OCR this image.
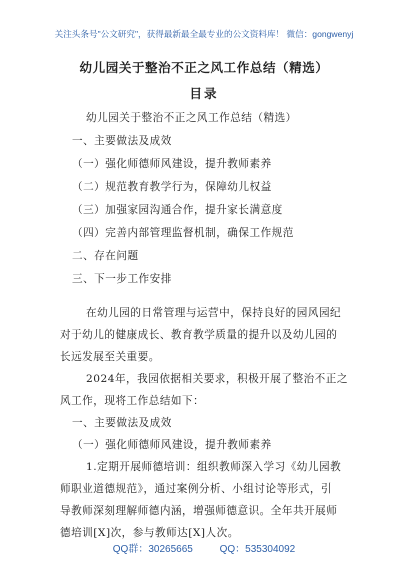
关注头条号"公文研究"，获得最新最全最专业的公文资料库！ 微信：gongwenyj
幼儿园关于整治不正之风工作总结（精选）
目录
幼儿园关于整治不正之风工作总结（精选）
一、主要做法及成效
（一）强化师德师风建设，提升教师素养
（二）规范教育教学行为，保障幼儿权益
（三）加强家园沟通合作，提升家长满意度
（四）完善内部管理监督机制，确保工作规范
二、存在问题
三、下一步工作安排
在幼儿园的日常管理与运营中，保持良好的园风园纪
对于幼儿的健康成长、教育教学质量的提升以及幼儿园的
长远发展至关重要。
2024年，我园依据相关要求，积极开展了整治不正之
风工作，现将工作总结如下：
一、主要做法及成效
（一）强化师德师风建设，提升教师素养
1.定期开展师德培训：组织教师深入学习《幼儿园教
师职业道德规范》，通过案例分析、小组讨论等形式，引
导教师深刻理解师德内涵，增强师德意识。全年共开展师
德培训[X]次，参与教师达[X]人次。
QQ群：30265665	QQ：535304092
